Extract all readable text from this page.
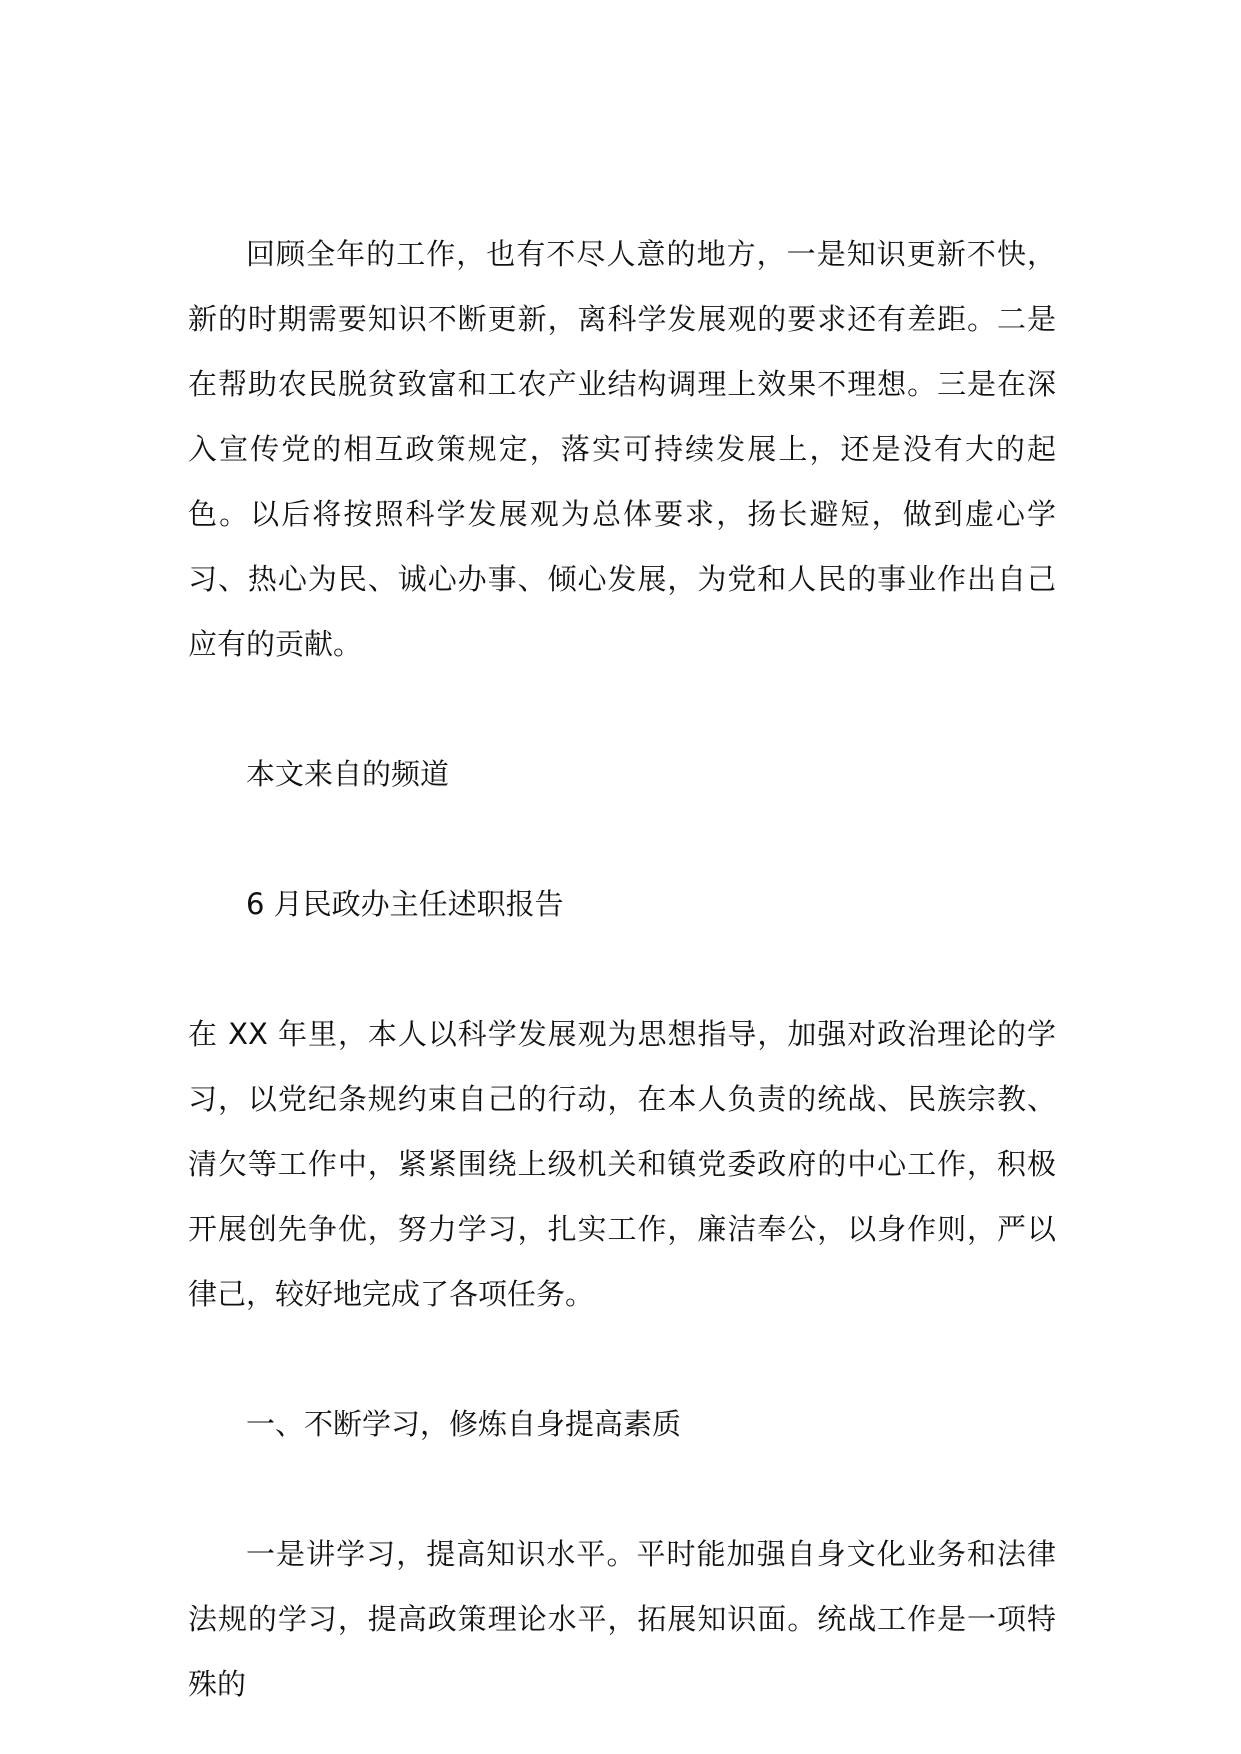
回顾全年的工作，也有不尽人意的地方，一是知识更新不快，新的时期需要知识不断更新，离科学发展观的要求还有差距。二是在帮助农民脱贫致富和工农产业结构调理上效果不理想。三是在深入宣传党的相互政策规定，落实可持续发展上，还是没有大的起色。以后将按照科学发展观为总体要求，扬长避短，做到虚心学习、热心为民、诚心办事、倾心发展，为党和人民的事业作出自己应有的贡献。

本文来自的频道

6 月民政办主任述职报告

在 XX 年里，本人以科学发展观为思想指导，加强对政治理论的学习，以党纪条规约束自己的行动，在本人负责的统战、民族宗教、清欠等工作中，紧紧围绕上级机关和镇党委政府的中心工作，积极开展创先争优，努力学习，扎实工作，廉洁奉公，以身作则，严以律己，较好地完成了各项任务。

一、不断学习，修炼自身提高素质

一是讲学习，提高知识水平。平时能加强自身文化业务和法律法规的学习，提高政策理论水平，拓展知识面。统战工作是一项特殊的
